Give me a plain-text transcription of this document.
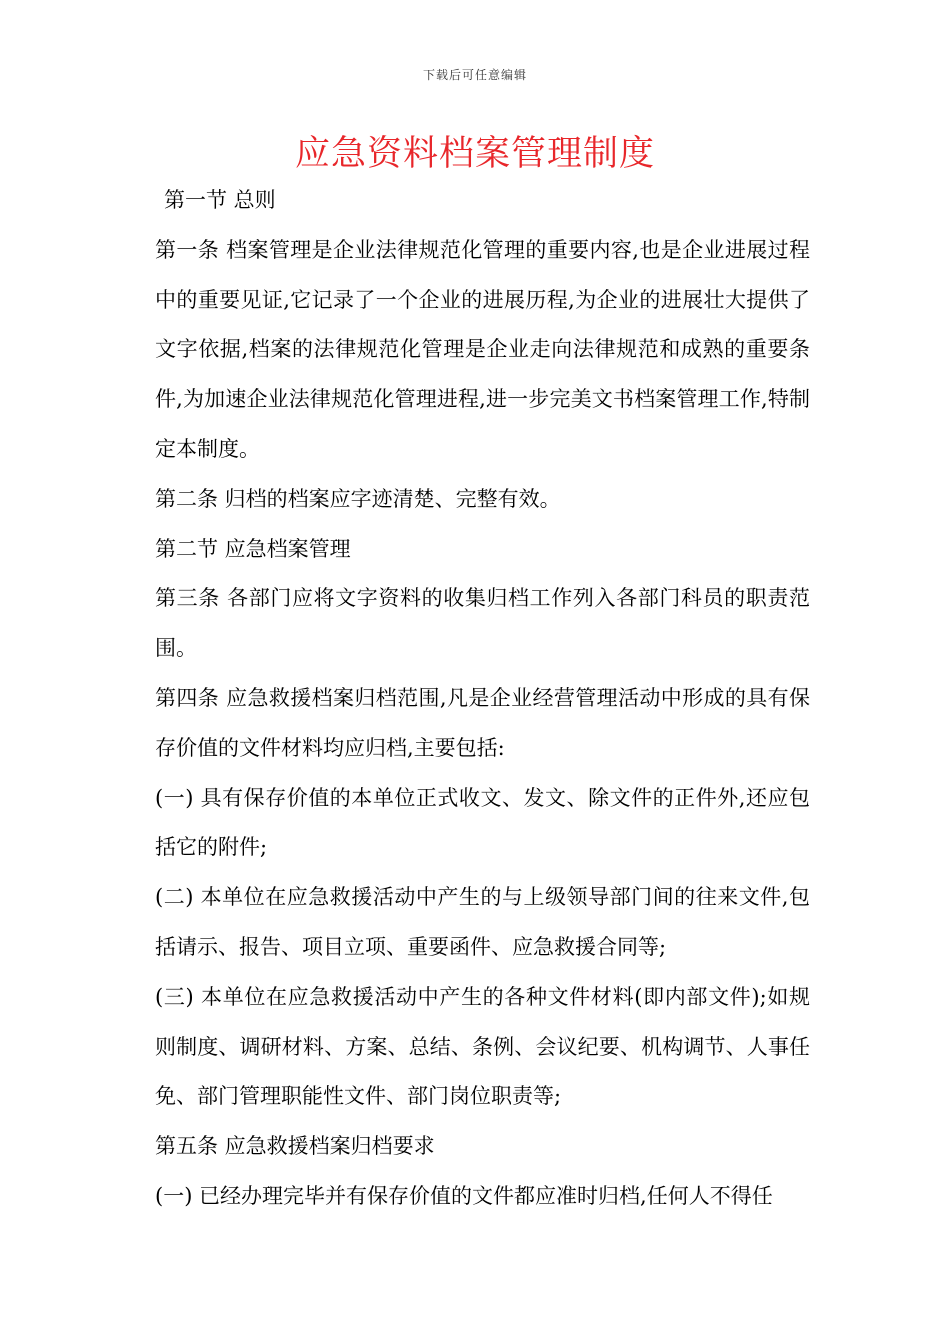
下载后可任意编辑
应急资料档案管理制度

第一节 总则

第一条 档案管理是企业法律规范化管理的重要内容,也是企业进展过程中的重要见证,它记录了一个企业的进展历程,为企业的进展壮大提供了文字依据,档案的法律规范化管理是企业走向法律规范和成熟的重要条件,为加速企业法律规范化管理进程,进一步完美文书档案管理工作,特制定本制度。

第二条 归档的档案应字迹清楚、完整有效。

第二节 应急档案管理

第三条 各部门应将文字资料的收集归档工作列入各部门科员的职责范围。

第四条 应急救援档案归档范围,凡是企业经营管理活动中形成的具有保存价值的文件材料均应归档,主要包括:

(一) 具有保存价值的本单位正式收文、发文、除文件的正件外,还应包括它的附件;

(二) 本单位在应急救援活动中产生的与上级领导部门间的往来文件,包括请示、报告、项目立项、重要函件、应急救援合同等;

(三) 本单位在应急救援活动中产生的各种文件材料(即内部文件);如规则制度、调研材料、方案、总结、条例、会议纪要、机构调节、人事任免、部门管理职能性文件、部门岗位职责等;

第五条 应急救援档案归档要求

(一) 已经办理完毕并有保存价值的文件都应准时归档,任何人不得任
